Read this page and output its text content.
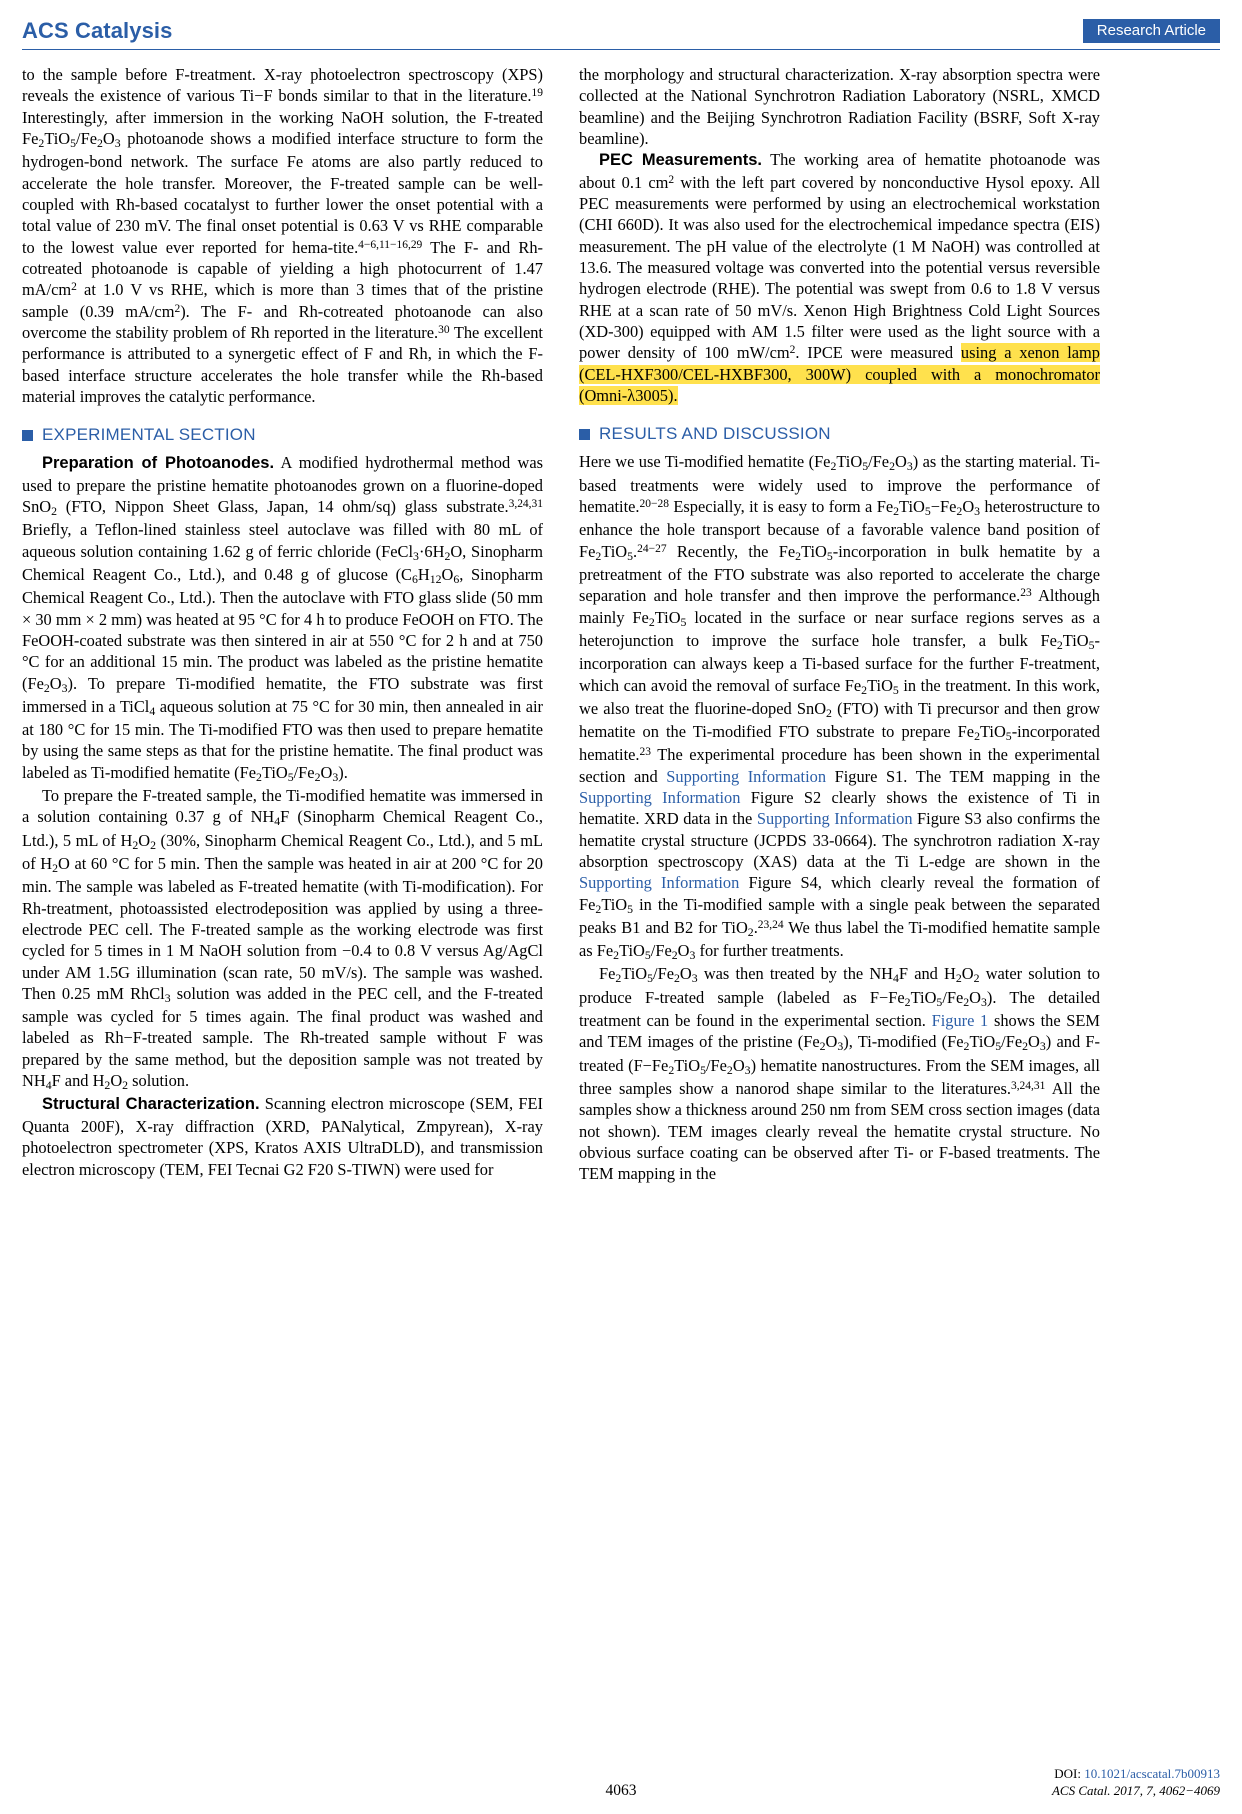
ACS Catalysis	Research Article

to the sample before F-treatment. X-ray photoelectron spectroscopy (XPS) reveals the existence of various Ti−F bonds similar to that in the literature.$^{19}$ Interestingly, after immersion in the working NaOH solution, the F-treated $Fe_2TiO_5/Fe_2O_3$ photoanode shows a modified interface structure to form the hydrogen-bond network. The surface Fe atoms are also partly reduced to accelerate the hole transfer. Moreover, the F-treated sample can be well-coupled with Rh-based cocatalyst to further lower the onset potential with a total value of 230 mV. The final onset potential is 0.63 V vs RHE comparable to the lowest value ever reported for hema-tite.$^{4-6,11-16,29}$ The F- and Rh-cotreated photoanode is capable of yielding a high photocurrent of 1.47 $mA/cm^2$ at 1.0 V vs RHE, which is more than 3 times that of the pristine sample (0.39 $mA/cm^2$). The F- and Rh-cotreated photoanode can also overcome the stability problem of Rh reported in the literature.$^{30}$ The excellent performance is attributed to a synergetic effect of F and Rh, in which the F-based interface structure accelerates the hole transfer while the Rh-based material improves the catalytic performance.

EXPERIMENTAL SECTION

Preparation of Photoanodes. A modified hydrothermal method was used to prepare the pristine hematite photoanodes grown on a fluorine-doped SnO$_2$ (FTO, Nippon Sheet Glass, Japan, 14 ohm/sq) glass substrate.$^{3,24,31}$ Briefly, a Teflon-lined stainless steel autoclave was filled with 80 mL of aqueous solution containing 1.62 g of ferric chloride ($FeCl_3\cdot 6H_2O$, Sinopharm Chemical Reagent Co., Ltd.), and 0.48 g of glucose ($C_6H_{12}O_6$, Sinopharm Chemical Reagent Co., Ltd.). Then the autoclave with FTO glass slide (50 mm × 30 mm × 2 mm) was heated at 95 °C for 4 h to produce FeOOH on FTO. The FeOOH-coated substrate was then sintered in air at 550 °C for 2 h and at 750 °C for an additional 15 min. The product was labeled as the pristine hematite $(Fe_2O_3)$. To prepare Ti-modified hematite, the FTO substrate was first immersed in a TiCl$_4$ aqueous solution at 75 °C for 30 min, then annealed in air at 180 °C for 15 min. The Ti-modified FTO was then used to prepare hematite by using the same steps as that for the pristine hematite. The final product was labeled as Ti-modified hematite $(Fe_2TiO_5/Fe_2O_3)$.

To prepare the F-treated sample, the Ti-modified hematite was immersed in a solution containing 0.37 g of $NH_4F$ (Sinopharm Chemical Reagent Co., Ltd.), 5 mL of $H_2O_2$ (30%, Sinopharm Chemical Reagent Co., Ltd.), and 5 mL of $H_2O$ at 60 °C for 5 min. Then the sample was heated in air at 200 °C for 20 min. The sample was labeled as F-treated hematite (with Ti-modification). For Rh-treatment, photoassisted electrodeposition was applied by using a three-electrode PEC cell. The F-treated sample as the working electrode was first cycled for 5 times in 1 M NaOH solution from −0.4 to 0.8 V versus Ag/AgCl under AM 1.5G illumination (scan rate, 50 mV/s). The sample was washed. Then 0.25 mM RhCl$_3$ solution was added in the PEC cell, and the F-treated sample was cycled for 5 times again. The final product was washed and labeled as Rh−F-treated sample. The Rh-treated sample without F was prepared by the same method, but the deposition sample was not treated by $NH_4F$ and $H_2O_2$ solution.

Structural Characterization. Scanning electron microscope (SEM, FEI Quanta 200F), X-ray diffraction (XRD, PANalytical, Zmpyrean), X-ray photoelectron spectrometer (XPS, Kratos AXIS UltraDLD), and transmission electron microscopy (TEM, FEI Tecnai G2 F20 S-TIWN) were used for

the morphology and structural characterization. X-ray absorption spectra were collected at the National Synchrotron Radiation Laboratory (NSRL, XMCD beamline) and the Beijing Synchrotron Radiation Facility (BSRF, Soft X-ray beamline).

PEC Measurements. The working area of hematite photoanode was about 0.1 $cm^2$ with the left part covered by nonconductive Hysol epoxy. All PEC measurements were performed by using an electrochemical workstation (CHI 660D). It was also used for the electrochemical impedance spectra (EIS) measurement. The pH value of the electrolyte (1 M NaOH) was controlled at 13.6. The measured voltage was converted into the potential versus reversible hydrogen electrode (RHE). The potential was swept from 0.6 to 1.8 V versus RHE at a scan rate of 50 mV/s. Xenon High Brightness Cold Light Sources (XD-300) equipped with AM 1.5 filter were used as the light source with a power density of 100 $mW/cm^2$. IPCE were measured using a xenon lamp (CEL-HXF300/CEL-HXBF300, 300W) coupled with a monochromator (Omni-λ3005).

RESULTS AND DISCUSSION

Here we use Ti-modified hematite $(Fe_2TiO_5/Fe_2O_3)$ as the starting material. Ti-based treatments were widely used to improve the performance of hematite.$^{20-28}$ Especially, it is easy to form a $Fe_2TiO_5-Fe_2O_3$ heterostructure to enhance the hole transport because of a favorable valence band position of $Fe_2TiO_5.^{24-27}$ Recently, the $Fe_2TiO_5$-incorporation in bulk hematite by a pretreatment of the FTO substrate was also reported to accelerate the charge separation and hole transfer and then improve the performance.$^{23}$ Although mainly $Fe_2TiO_5$ located in the surface or near surface regions serves as a heterojunction to improve the surface hole transfer, a bulk $Fe_2TiO_5$-incorporation can always keep a Ti-based surface for the further F-treatment, which can avoid the removal of surface $Fe_2TiO_5$ in the treatment. In this work, we also treat the fluorine-doped SnO$_2$ (FTO) with Ti precursor and then grow hematite on the Ti-modified FTO substrate to prepare $Fe_2TiO_5$-incorporated hematite.$^{23}$ The experimental procedure has been shown in the experimental section and Supporting Information Figure S1. The TEM mapping in the Supporting Information Figure S2 clearly shows the existence of Ti in hematite. XRD data in the Supporting Information Figure S3 also confirms the hematite crystal structure (JCPDS 33-0664). The synchrotron radiation X-ray absorption spectroscopy (XAS) data at the Ti L-edge are shown in the Supporting Information Figure S4, which clearly reveal the formation of $Fe_2TiO_5$ in the Ti-modified sample with a single peak between the separated peaks B1 and B2 for TiO$_2$.$^{23,24}$ We thus label the Ti-modified hematite sample as $Fe_2TiO_5/Fe_2O_3$ for further treatments.

$Fe_2TiO_5/Fe_2O_3$ was then treated by the $NH_4F$ and $H_2O_2$ water solution to produce F-treated sample (labeled as $F-Fe_2TiO_5/Fe_2O_3$). The detailed treatment can be found in the experimental section. Figure 1 shows the SEM and TEM images of the pristine $(Fe_2O_3)$, Ti-modified $(Fe_2TiO_5/Fe_2O_3)$ and F-treated $(F-Fe_2TiO_5/Fe_2O_3)$ hematite nanostructures. From the SEM images, all three samples show a nanorod shape similar to the literatures.$^{3,24,31}$ All the samples show a thickness around 250 nm from SEM cross section images (data not shown). TEM images clearly reveal the hematite crystal structure. No obvious surface coating can be observed after Ti- or F-based treatments. The TEM mapping in the

4063
DOI: 10.1021/acscatal.7b00913
ACS Catal. 2017, 7, 4062−4069
